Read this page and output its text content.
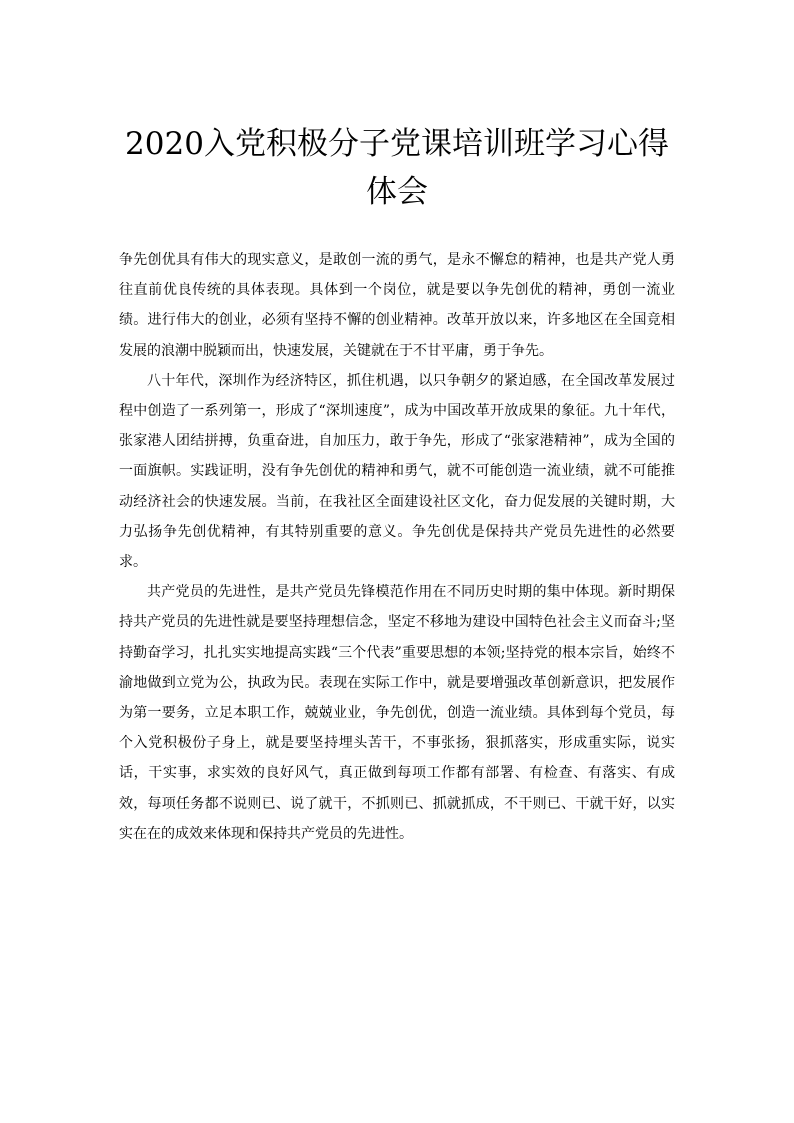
2020入党积极分子党课培训班学习心得体会

争先创优具有伟大的现实意义，是敢创一流的勇气，是永不懈怠的精神，也是共产党人勇往直前优良传统的具体表现。具体到一个岗位，就是要以争先创优的精神，勇创一流业绩。进行伟大的创业，必须有坚持不懈的创业精神。改革开放以来，许多地区在全国竞相发展的浪潮中脱颖而出，快速发展，关键就在于不甘平庸，勇于争先。

八十年代，深圳作为经济特区，抓住机遇，以只争朝夕的紧迫感，在全国改革发展过程中创造了一系列第一，形成了“深圳速度”，成为中国改革开放成果的象征。九十年代，张家港人团结拼搏，负重奋进，自加压力，敢于争先，形成了“张家港精神”，成为全国的一面旗帜。实践证明，没有争先创优的精神和勇气，就不可能创造一流业绩，就不可能推动经济社会的快速发展。当前，在我社区全面建设社区文化，奋力促发展的关键时期，大力弘扬争先创优精神，有其特别重要的意义。争先创优是保持共产党员先进性的必然要求。

共产党员的先进性，是共产党员先锋模范作用在不同历史时期的集中体现。新时期保持共产党员的先进性就是要坚持理想信念，坚定不移地为建设中国特色社会主义而奋斗;坚持勤奋学习，扎扎实实地提高实践“三个代表”重要思想的本领;坚持党的根本宗旨，始终不渝地做到立党为公，执政为民。表现在实际工作中，就是要增强改革创新意识，把发展作为第一要务，立足本职工作，兢兢业业，争先创优，创造一流业绩。具体到每个党员，每个入党积极份子身上，就是要坚持埋头苦干，不事张扬，狠抓落实，形成重实际，说实话，干实事，求实效的良好风气，真正做到每项工作都有部署、有检查、有落实、有成效，每项任务都不说则已、说了就干，不抓则已、抓就抓成，不干则已、干就干好，以实实在在的成效来体现和保持共产党员的先进性。
